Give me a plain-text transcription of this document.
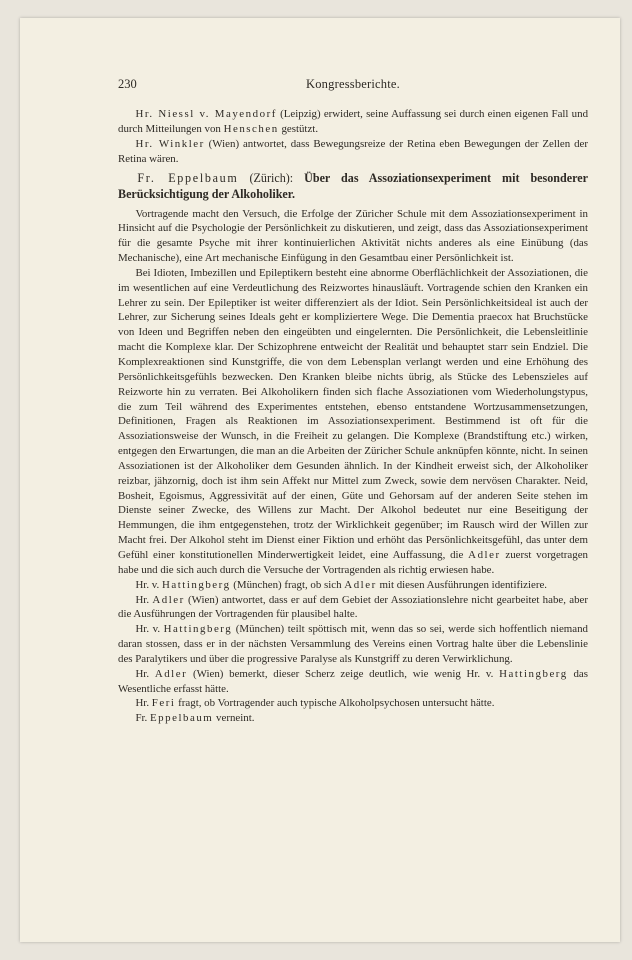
230	Kongressberichte.

Hr. Niessl v. Mayendorf (Leipzig) erwidert, seine Auffassung sei durch einen eigenen Fall und durch Mitteilungen von Henschen gestützt.

Hr. Winkler (Wien) antwortet, dass Bewegungsreize der Retina eben Bewegungen der Zellen der Retina wären.

Fr. Eppelbaum (Zürich): Über das Assoziationsexperiment mit besonderer Berücksichtigung der Alkoholiker.

Vortragende macht den Versuch, die Erfolge der Züricher Schule mit dem Assoziationsexperiment in Hinsicht auf die Psychologie der Persönlichkeit zu diskutieren, und zeigt, dass das Assoziationsexperiment für die gesamte Psyche mit ihrer kontinuierlichen Aktivität nichts anderes als eine Einübung (das Mechanische), eine Art mechanische Einfügung in den Gesamtbau einer Persönlichkeit ist.

Bei Idioten, Imbezillen und Epileptikern besteht eine abnorme Oberflächlichkeit der Assoziationen, die im wesentlichen auf eine Verdeutlichung des Reizwortes hinausläuft. Vortragende schien den Kranken ein Lehrer zu sein. Der Epileptiker ist weiter differenziert als der Idiot. Sein Persönlichkeitsideal ist auch der Lehrer, zur Sicherung seines Ideals geht er kompliziertere Wege. Die Dementia praecox hat Bruchstücke von Ideen und Begriffen neben den eingeübten und eingelernten. Die Persönlichkeit, die Lebensleitlinie macht die Komplexe klar. Der Schizophrene entweicht der Realität und behauptet starr sein Endziel. Die Komplexreaktionen sind Kunstgriffe, die von dem Lebensplan verlangt werden und eine Erhöhung des Persönlichkeitsgefühls bezwecken. Den Kranken bleibe nichts übrig, als Stücke des Lebenszieles auf Reizworte hin zu verraten. Bei Alkoholikern finden sich flache Assoziationen vom Wiederholungstypus, die zum Teil während des Experimentes entstehen, ebenso entstandene Wortzusammensetzungen, Definitionen, Fragen als Reaktionen im Assoziationsexperiment. Bestimmend ist oft für die Assoziationsweise der Wunsch, in die Freiheit zu gelangen. Die Komplexe (Brandstiftung etc.) wirken, entgegen den Erwartungen, die man an die Arbeiten der Züricher Schule anknüpfen könnte, nicht. In seinen Assoziationen ist der Alkoholiker dem Gesunden ähnlich. In der Kindheit erweist sich, der Alkoholiker reizbar, jähzornig, doch ist ihm sein Affekt nur Mittel zum Zweck, sowie dem nervösen Charakter. Neid, Bosheit, Egoismus, Aggressivität auf der einen, Güte und Gehorsam auf der anderen Seite stehen im Dienste seiner Zwecke, des Willens zur Macht. Der Alkohol bedeutet nur eine Beseitigung der Hemmungen, die ihm entgegenstehen, trotz der Wirklichkeit gegenüber; im Rausch wird der Willen zur Macht frei. Der Alkohol steht im Dienst einer Fiktion und erhöht das Persönlichkeitsgefühl, das unter dem Gefühl einer konstitutionellen Minderwertigkeit leidet, eine Auffassung, die Adler zuerst vorgetragen habe und die sich auch durch die Versuche der Vortragenden als richtig erwiesen habe.

Hr. v. Hattingberg (München) fragt, ob sich Adler mit diesen Ausführungen identifiziere.

Hr. Adler (Wien) antwortet, dass er auf dem Gebiet der Assoziationslehre nicht gearbeitet habe, aber die Ausführungen der Vortragenden für plausibel halte.

Hr. v. Hattingberg (München) teilt spöttisch mit, wenn das so sei, werde sich hoffentlich niemand daran stossen, dass er in der nächsten Versammlung des Vereins einen Vortrag halte über die Lebenslinie des Paralytikers und über die progressive Paralyse als Kunstgriff zu deren Verwirklichung.

Hr. Adler (Wien) bemerkt, dieser Scherz zeige deutlich, wie wenig Hr. v. Hattingberg das Wesentliche erfasst hätte.

Hr. Feri fragt, ob Vortragender auch typische Alkoholpsychosen untersucht hätte.

Fr. Eppelbaum verneint.
